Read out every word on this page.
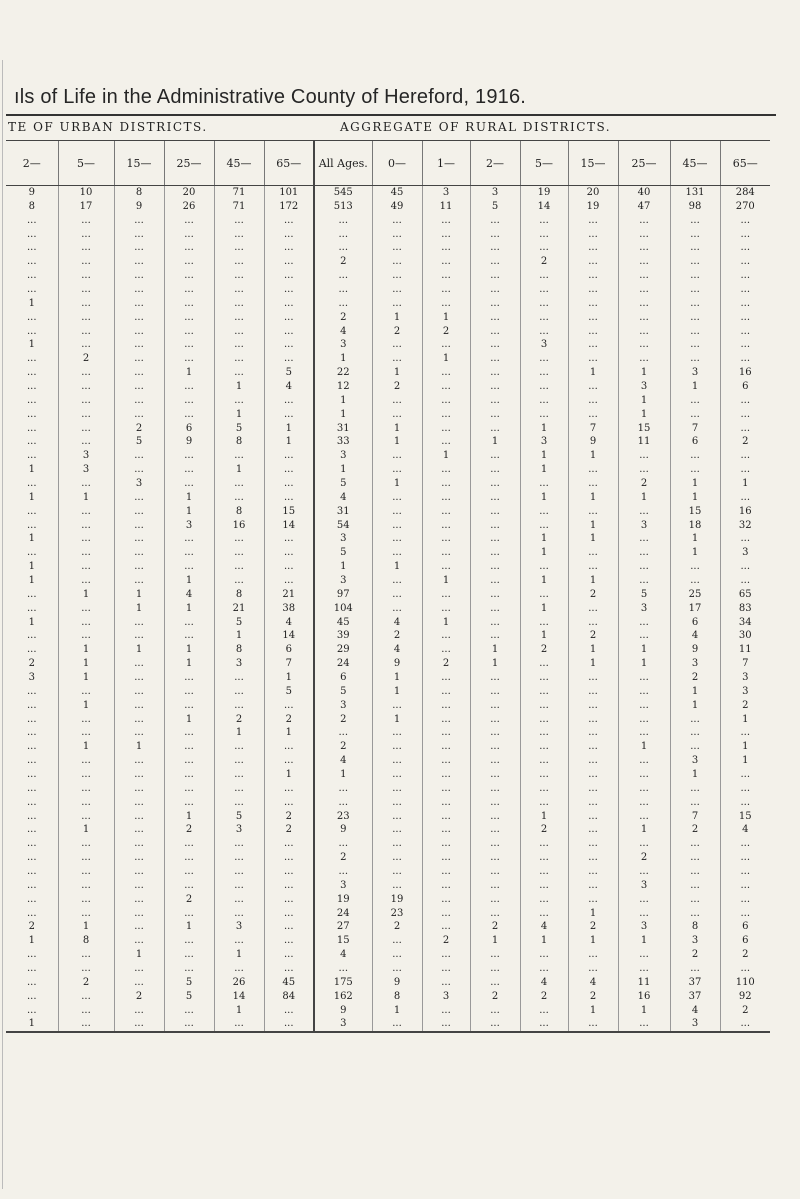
ıls of Life in the Administrative County of Hereford, 1916.
TE OF URBAN DISTRICTS.	AGGREGATE OF RURAL DISTRICTS.
2—	5—	15—	25—	45—	65—	All Ages.	0—	1—	2—	5—	15—	25—	45—	65—
9	10	8	20	71	101	545	45	3	3	19	20	40	131	284
8	17	9	26	71	172	513	49	11	5	14	19	47	98	270
...	...	...	...	...	...	...	...	...	...	...	...	...	...	...
...	...	...	...	...	...	...	...	...	...	...	...	...	...	...
...	...	...	...	...	...	...	...	...	...	...	...	...	...	...
...	...	...	...	...	...	2	...	...	...	2	...	...	...	...
...	...	...	...	...	...	...	...	...	...	...	...	...	...	...
...	...	...	...	...	...	...	...	...	...	...	...	...	...	...
1	...	...	...	...	...	...	...	...	...	...	...	...	...	...
...	...	...	...	...	...	2	1	1	...	...	...	...	...	...
...	...	...	...	...	...	4	2	2	...	...	...	...	...	...
1	...	...	...	...	...	3	...	...	...	3	...	...	...	...
...	2	...	...	...	...	1	...	1	...	...	...	...	...	...
...	...	...	1	...	5	22	1	...	...	...	1	1	3	16
...	...	...	...	1	4	12	2	...	...	...	...	3	1	6
...	...	...	...	...	...	1	...	...	...	...	...	1	...	...
...	...	...	...	1	...	1	...	...	...	...	...	1	...	...
...	...	2	6	5	1	31	1	...	...	1	7	15	7	...
...	...	5	9	8	1	33	1	...	1	3	9	11	6	2
...	3	...	...	...	...	3	...	1	...	1	1	...	...	...
1	3	...	...	1	...	1	...	...	...	1	...	...	...	...
...	...	3	...	...	...	5	1	...	...	...	...	2	1	1
1	1	...	1	...	...	4	...	...	...	1	1	1	1	...
...	...	...	1	8	15	31	...	...	...	...	...	...	15	16
...	...	...	3	16	14	54	...	...	...	...	1	3	18	32
1	...	...	...	...	...	3	...	...	...	1	1	...	1	...
...	...	...	...	...	...	5	...	...	...	1	...	...	1	3
1	...	...	...	...	...	1	1	...	...	...	...	...	...	...
1	...	...	1	...	...	3	...	1	...	1	1	...	...	...
...	1	1	4	8	21	97	...	...	...	...	2	5	25	65
...	...	1	1	21	38	104	...	...	...	1	...	3	17	83
1	...	...	...	5	4	45	4	1	...	...	...	...	6	34
...	...	...	...	1	14	39	2	...	...	1	2	...	4	30
...	1	1	1	8	6	29	4	...	1	2	1	1	9	11
2	1	...	1	3	7	24	9	2	1	...	1	1	3	7
3	1	...	...	...	1	6	1	...	...	...	...	...	2	3
...	...	...	...	...	5	5	1	...	...	...	...	...	1	3
...	1	...	...	...	...	3	...	...	...	...	...	...	1	2
...	...	...	1	2	2	2	1	...	...	...	...	...	...	1
...	...	...	...	1	1	...	...	...	...	...	...	...	...	...
...	1	1	...	...	...	2	...	...	...	...	...	1	...	1
...	...	...	...	...	...	4	...	...	...	...	...	...	3	1
...	...	...	...	...	1	1	...	...	...	...	...	...	1	...
...	...	...	...	...	...	...	...	...	...	...	...	...	...	...
...	...	...	...	...	...	...	...	...	...	...	...	...	...	...
...	...	...	1	5	2	23	...	...	...	1	...	...	7	15
...	1	...	2	3	2	9	...	...	...	2	...	1	2	4
...	...	...	...	...	...	...	...	...	...	...	...	...	...	...
...	...	...	...	...	...	2	...	...	...	...	...	2	...	...
...	...	...	...	...	...	...	...	...	...	...	...	...	...	...
...	...	...	...	...	...	3	...	...	...	...	...	3	...	...
...	...	...	2	...	...	19	19	...	...	...	...	...	...	...
...	...	...	...	...	...	24	23	...	...	...	1	...	...	...
2	1	...	1	3	...	27	2	...	2	4	2	3	8	6
1	8	...	...	...	...	15	...	2	1	1	1	1	3	6
...	...	1	...	1	...	4	...	...	...	...	...	...	2	2
...	...	...	...	...	...	...	...	...	...	...	...	...	...	...
...	2	...	5	26	45	175	9	...	...	4	4	11	37	110
...	...	2	5	14	84	162	8	3	2	2	2	16	37	92
...	...	...	...	1	...	9	1	...	...	...	1	1	4	2
1	...	...	...	...	...	3	...	...	...	...	...	...	3	...
